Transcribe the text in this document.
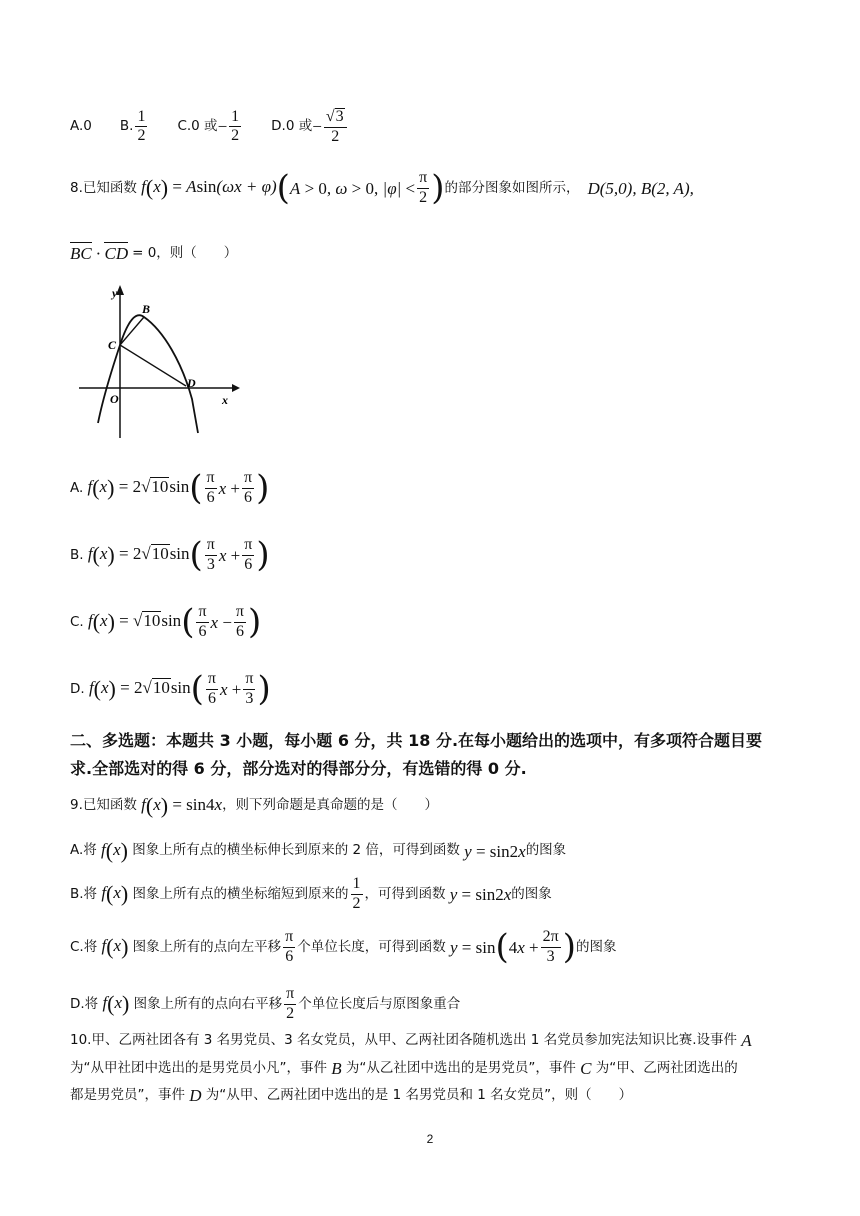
A.0 B. $\frac{1}{2} C.0$ 或 − $\frac{1}{2} D.0$ 或 − $\frac{√3}{2}$
8.已知函数 f(x) = Asin(ωx + φ) ( A > 0, ω > 0, $|\varphi| < \frac{\pi}{2}$ ) 的部分图象如图所示， D(5,0), B(2, A),
BC · CD = 0，则（　　）
y
x
O
B
C
D
A. f(x) = 2√10sin ( $\frac{\pi}{6}$ $x + \frac{\pi}{6}$ )
B. f(x) = 2√10sin ( $\frac{\pi}{3}$ $x + \frac{\pi}{6}$ )
C. f(x) = √10sin ( $\frac{\pi}{6}$ $x - \frac{\pi}{6}$ )
D. f(x) = 2√10sin ( $\frac{\pi}{6}$ $x + \frac{\pi}{3}$ )
二、多选题：本题共 3 小题，每小题 6 分，共 18 分.在每小题给出的选项中，有多项符合题目要
求.全部选对的得 6 分，部分选对的得部分分，有选错的得 0 分.
9.已知函数 f(x) = sin4x ，则下列命题是真命题的是（　　）
A.将 f(x) 图象上所有点的横坐标伸长到原来的 2 倍，可得到函数 y = sin2x 的图象
B.将 f(x) 图象上所有点的横坐标缩短到原来的 $\frac{1}{2}$ ，可得到函数 y = sin2x 的图象
C.将 f(x) 图象上所有的点向左平移 $\frac{\pi}{6}$ 个单位长度，可得到函数 y = sin ( $4x + \frac{2\pi}{3}$ ) 的图象
D.将 f(x) 图象上所有的点向右平移 $\frac{\pi}{2}$ 个单位长度后与原图象重合
10.甲、乙两社团各有 3 名男党员、3 名女党员，从甲、乙两社团各随机选出 1 名党员参加宪法知识比赛.设事件 A
为“从甲社团中选出的是男党员小凡”，事件 B 为“从乙社团中选出的是男党员”，事件 C 为“甲、乙两社团选出的
都是男党员”，事件 D 为“从甲、乙两社团中选出的是 1 名男党员和 1 名女党员”，则（　　）
2
